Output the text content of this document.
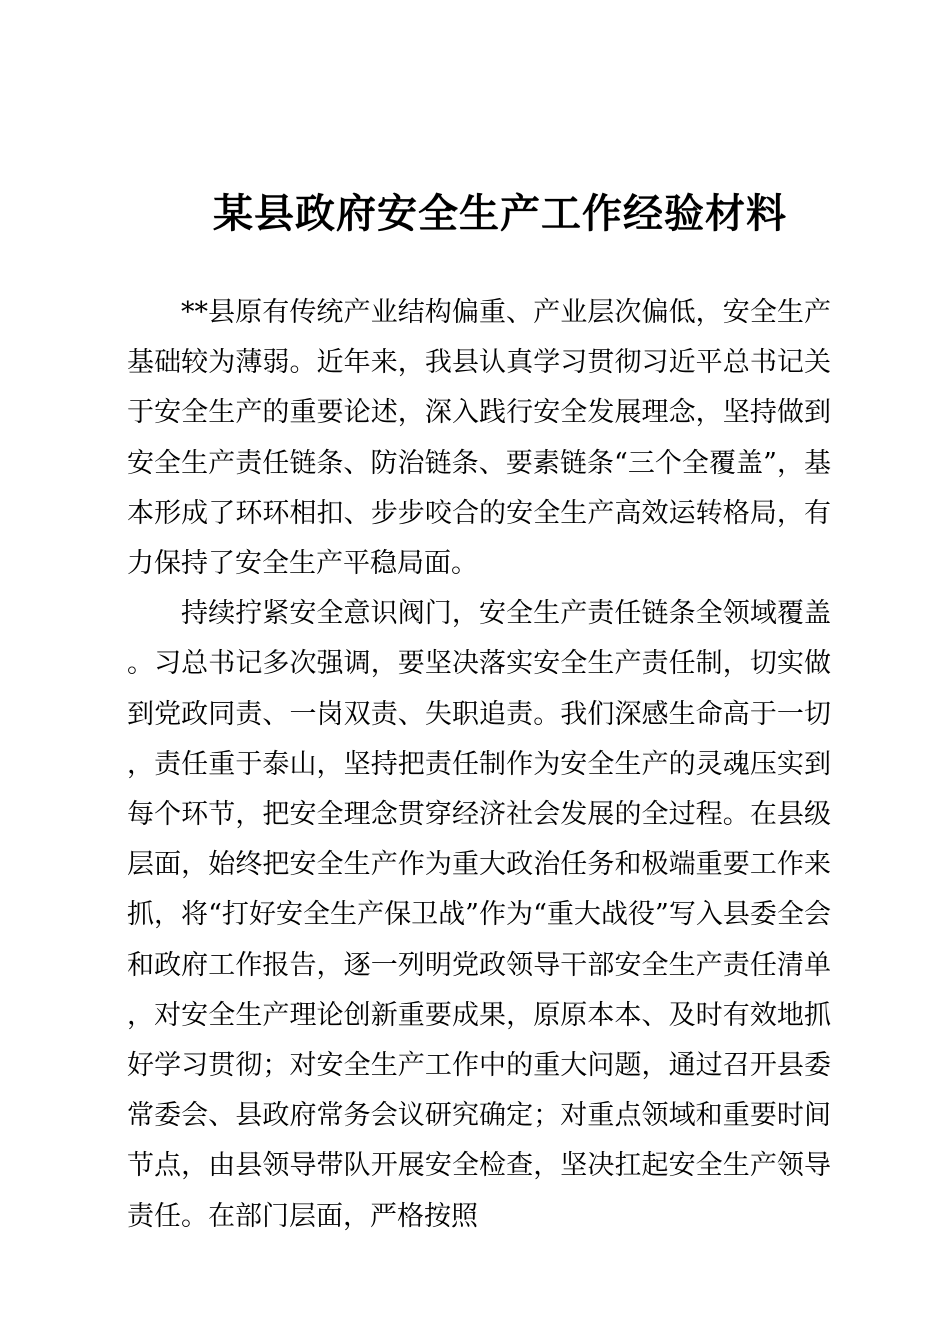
某县政府安全生产工作经验材料

**县原有传统产业结构偏重、产业层次偏低，安全生产基础较为薄弱。近年来，我县认真学习贯彻习近平总书记关于安全生产的重要论述，深入践行安全发展理念，坚持做到安全生产责任链条、防治链条、要素链条“三个全覆盖”，基本形成了环环相扣、步步咬合的安全生产高效运转格局，有力保持了安全生产平稳局面。

持续拧紧安全意识阀门，安全生产责任链条全领域覆盖。习总书记多次强调，要坚决落实安全生产责任制，切实做到党政同责、一岗双责、失职追责。我们深感生命高于一切，责任重于泰山，坚持把责任制作为安全生产的灵魂压实到每个环节，把安全理念贯穿经济社会发展的全过程。在县级层面，始终把安全生产作为重大政治任务和极端重要工作来抓，将“打好安全生产保卫战”作为“重大战役”写入县委全会和政府工作报告，逐一列明党政领导干部安全生产责任清单，对安全生产理论创新重要成果，原原本本、及时有效地抓好学习贯彻；对安全生产工作中的重大问题，通过召开县委常委会、县政府常务会议研究确定；对重点领域和重要时间节点，由县领导带队开展安全检查，坚决扛起安全生产领导责任。在部门层面，严格按照
